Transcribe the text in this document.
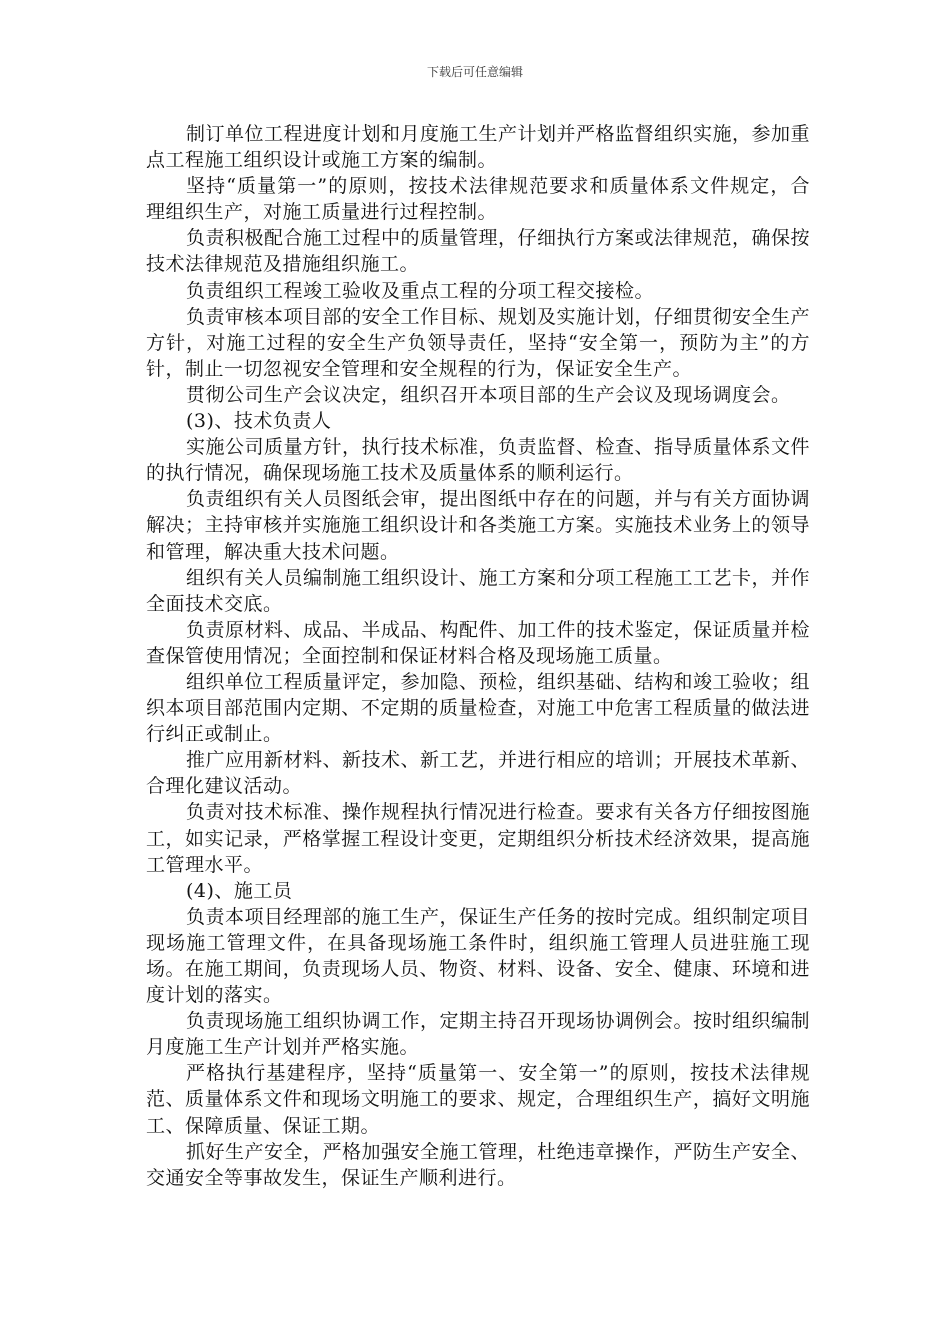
下载后可任意编辑

制订单位工程进度计划和月度施工生产计划并严格监督组织实施，参加重点工程施工组织设计或施工方案的编制。

坚持“质量第一”的原则，按技术法律规范要求和质量体系文件规定，合理组织生产，对施工质量进行过程控制。

负责积极配合施工过程中的质量管理，仔细执行方案或法律规范，确保按技术法律规范及措施组织施工。

负责组织工程竣工验收及重点工程的分项工程交接检。

负责审核本项目部的安全工作目标、规划及实施计划，仔细贯彻安全生产方针，对施工过程的安全生产负领导责任，坚持“安全第一，预防为主”的方针，制止一切忽视安全管理和安全规程的行为，保证安全生产。

贯彻公司生产会议决定，组织召开本项目部的生产会议及现场调度会。

(3)、技术负责人

实施公司质量方针，执行技术标准，负责监督、检查、指导质量体系文件的执行情况，确保现场施工技术及质量体系的顺利运行。

负责组织有关人员图纸会审，提出图纸中存在的问题，并与有关方面协调解决；主持审核并实施施工组织设计和各类施工方案。实施技术业务上的领导和管理，解决重大技术问题。

组织有关人员编制施工组织设计、施工方案和分项工程施工工艺卡，并作全面技术交底。

负责原材料、成品、半成品、构配件、加工件的技术鉴定，保证质量并检查保管使用情况；全面控制和保证材料合格及现场施工质量。

组织单位工程质量评定，参加隐、预检，组织基础、结构和竣工验收；组织本项目部范围内定期、不定期的质量检查，对施工中危害工程质量的做法进行纠正或制止。

推广应用新材料、新技术、新工艺，并进行相应的培训；开展技术革新、合理化建议活动。

负责对技术标准、操作规程执行情况进行检查。要求有关各方仔细按图施工，如实记录，严格掌握工程设计变更，定期组织分析技术经济效果，提高施工管理水平。

(4)、施工员

负责本项目经理部的施工生产，保证生产任务的按时完成。组织制定项目现场施工管理文件，在具备现场施工条件时，组织施工管理人员进驻施工现场。在施工期间，负责现场人员、物资、材料、设备、安全、健康、环境和进度计划的落实。

负责现场施工组织协调工作，定期主持召开现场协调例会。按时组织编制月度施工生产计划并严格实施。

严格执行基建程序，坚持“质量第一、安全第一”的原则，按技术法律规范、质量体系文件和现场文明施工的要求、规定，合理组织生产，搞好文明施工、保障质量、保证工期。

抓好生产安全，严格加强安全施工管理，杜绝违章操作，严防生产安全、交通安全等事故发生，保证生产顺利进行。
